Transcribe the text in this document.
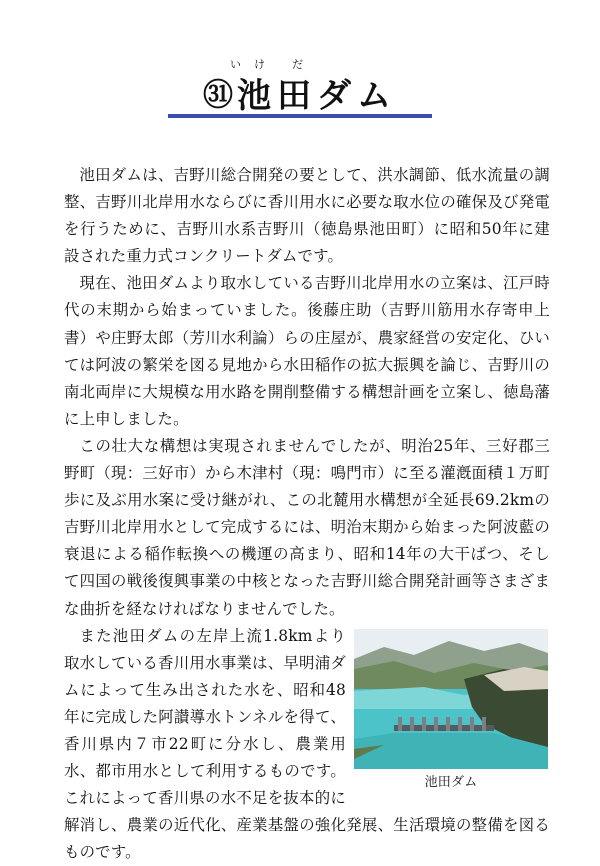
い け だ
㉛ 池田ダム

池田ダムは、吉野川総合開発の要として、洪水調節、低水流量の調整、吉野川北岸用水ならびに香川用水に必要な取水位の確保及び発電を行うために、吉野川水系吉野川（徳島県池田町）に昭和50年に建設された重力式コンクリートダムです。

現在、池田ダムより取水している吉野川北岸用水の立案は、江戸時代の末期から始まっていました。後藤庄助（吉野川筋用水存寄申上書）や庄野太郎（芳川水利論）らの庄屋が、農家経営の安定化、ひいては阿波の繁栄を図る見地から水田稲作の拡大振興を論じ、吉野川の南北両岸に大規模な用水路を開削整備する構想計画を立案し、徳島藩に上申しました。

この壮大な構想は実現されませんでしたが、明治25年、三好郡三野町（現：三好市）から木津村（現：鳴門市）に至る灌漑面積１万町歩に及ぶ用水案に受け継がれ、この北麓用水構想が全延長69.2kmの吉野川北岸用水として完成するには、明治末期から始まった阿波藍の衰退による稲作転換への機運の高まり、昭和14年の大干ばつ、そして四国の戦後復興事業の中核となった吉野川総合開発計画等さまざまな曲折を経なければなりませんでした。

池田ダム
また池田ダムの左岸上流1.8kmより取水している香川用水事業は、早明浦ダムによって生み出された水を、昭和48年に完成した阿讃導水トンネルを得て、香川県内７市22町に分水し、農業用水、都市用水として利用するものです。これによって香川県の水不足を抜本的に解消し、農業の近代化、産業基盤の強化発展、生活環境の整備を図るものです。
